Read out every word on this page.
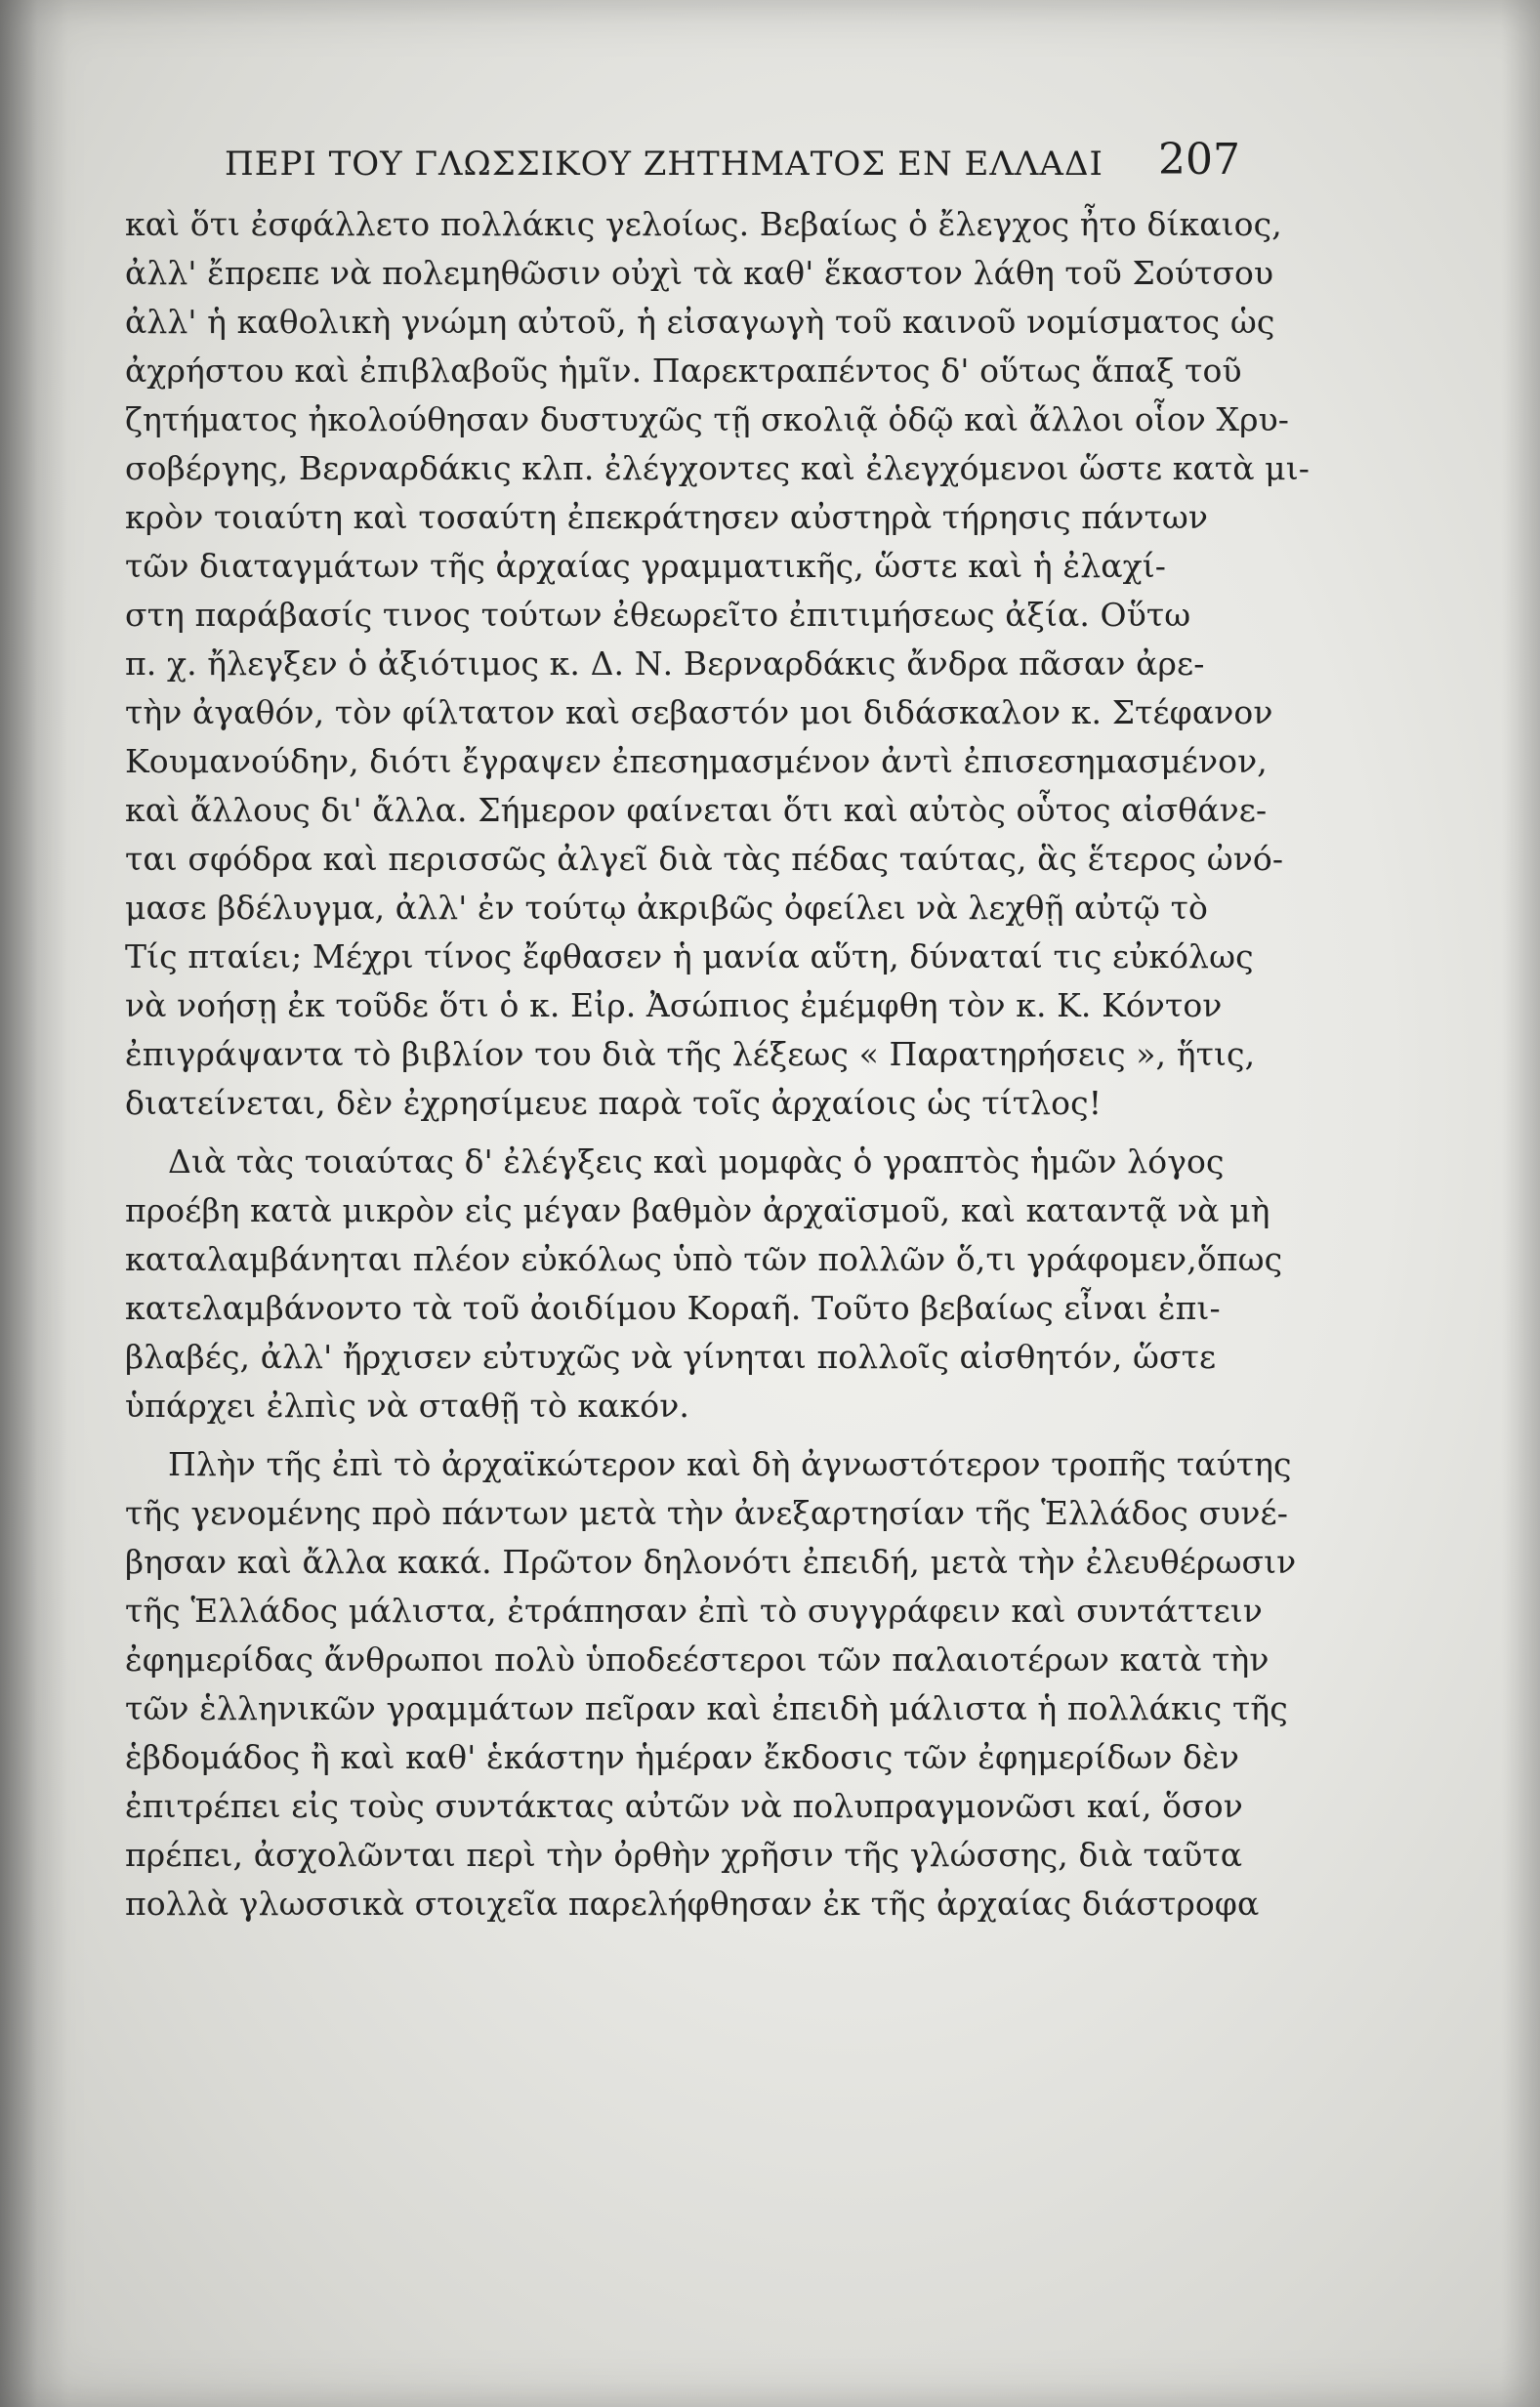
ΠΕΡΙ ΤΟΥ ΓΛΩΣΣΙΚΟΥ ΖΗΤΗΜΑΤΟΣ ΕΝ ΕΛΛΑΔΙ 207
καὶ ὅτι ἐσφάλλετο πολλάκις γελοίως. Βεβαίως ὁ ἔλεγχος ἦτο δίκαιος,
ἀλλ' ἔπρεπε νὰ πολεμηθῶσιν οὐχὶ τὰ καθ' ἕκαστον λάθη τοῦ Σούτσου
ἀλλ' ἡ καθολικὴ γνώμη αὐτοῦ, ἡ εἰσαγωγὴ τοῦ καινοῦ νομίσματος ὡς
ἀχρήστου καὶ ἐπιβλαβοῦς ἡμῖν. Παρεκτραπέντος δ' οὕτως ἅπαξ τοῦ
ζητήματος ἠκολούθησαν δυστυχῶς τῇ σκολιᾷ ὁδῷ καὶ ἄλλοι οἷον Χρυ-
σοβέργης, Βερναρδάκις κλπ. ἐλέγχοντες καὶ ἐλεγχόμενοι ὥστε κατὰ μι-
κρὸν τοιαύτη καὶ τοσαύτη ἐπεκράτησεν αὐστηρὰ τήρησις πάντων
τῶν διαταγμάτων τῆς ἀρχαίας γραμματικῆς, ὥστε καὶ ἡ ἐλαχί-
στη παράβασίς τινος τούτων ἐθεωρεῖτο ἐπιτιμήσεως ἀξία. Οὕτω
π. χ. ἤλεγξεν ὁ ἀξιότιμος κ. Δ. Ν. Βερναρδάκις ἄνδρα πᾶσαν ἀρε-
τὴν ἀγαθόν, τὸν φίλτατον καὶ σεβαστόν μοι διδάσκαλον κ. Στέφανον
Κουμανούδην, διότι ἔγραψεν ἐπεσημασμένον ἀντὶ ἐπισεσημασμένον,
καὶ ἄλλους δι' ἄλλα. Σήμερον φαίνεται ὅτι καὶ αὐτὸς οὗτος αἰσθάνε-
ται σφόδρα καὶ περισσῶς ἀλγεῖ διὰ τὰς πέδας ταύτας, ἃς ἕτερος ὠνό-
μασε βδέλυγμα, ἀλλ' ἐν τούτῳ ἀκριβῶς ὀφείλει νὰ λεχθῇ αὐτῷ τὸ
Τίς πταίει; Μέχρι τίνος ἔφθασεν ἡ μανία αὕτη, δύναταί τις εὐκόλως
νὰ νοήσῃ ἐκ τοῦδε ὅτι ὁ κ. Εἰρ. Ἀσώπιος ἐμέμφθη τὸν κ. Κ. Κόντον
ἐπιγράψαντα τὸ βιβλίον του διὰ τῆς λέξεως « Παρατηρήσεις », ἥτις,
διατείνεται, δὲν ἐχρησίμευε παρὰ τοῖς ἀρχαίοις ὡς τίτλος!
Διὰ τὰς τοιαύτας δ' ἐλέγξεις καὶ μομφὰς ὁ γραπτὸς ἡμῶν λόγος
προέβη κατὰ μικρὸν εἰς μέγαν βαθμὸν ἀρχαϊσμοῦ, καὶ καταντᾷ νὰ μὴ
καταλαμβάνηται πλέον εὐκόλως ὑπὸ τῶν πολλῶν ὅ,τι γράφομεν,ὅπως
κατελαμβάνοντο τὰ τοῦ ἀοιδίμου Κοραῆ. Τοῦτο βεβαίως εἶναι ἐπι-
βλαβές, ἀλλ' ἤρχισεν εὐτυχῶς νὰ γίνηται πολλοῖς αἰσθητόν, ὥστε
ὑπάρχει ἐλπὶς νὰ σταθῇ τὸ κακόν.
Πλὴν τῆς ἐπὶ τὸ ἀρχαϊκώτερον καὶ δὴ ἀγνωστότερον τροπῆς ταύτης
τῆς γενομένης πρὸ πάντων μετὰ τὴν ἀνεξαρτησίαν τῆς Ἑλλάδος συνέ-
βησαν καὶ ἄλλα κακά. Πρῶτον δηλονότι ἐπειδή, μετὰ τὴν ἐλευθέρωσιν
τῆς Ἑλλάδος μάλιστα, ἐτράπησαν ἐπὶ τὸ συγγράφειν καὶ συντάττειν
ἐφημερίδας ἄνθρωποι πολὺ ὑποδεέστεροι τῶν παλαιοτέρων κατὰ τὴν
τῶν ἑλληνικῶν γραμμάτων πεῖραν καὶ ἐπειδὴ μάλιστα ἡ πολλάκις τῆς
ἑβδομάδος ἢ καὶ καθ' ἑκάστην ἡμέραν ἔκδοσις τῶν ἐφημερίδων δὲν
ἐπιτρέπει εἰς τοὺς συντάκτας αὐτῶν νὰ πολυπραγμονῶσι καί, ὅσον
πρέπει, ἀσχολῶνται περὶ τὴν ὀρθὴν χρῆσιν τῆς γλώσσης, διὰ ταῦτα
πολλὰ γλωσσικὰ στοιχεῖα παρελήφθησαν ἐκ τῆς ἀρχαίας διάστροφα
